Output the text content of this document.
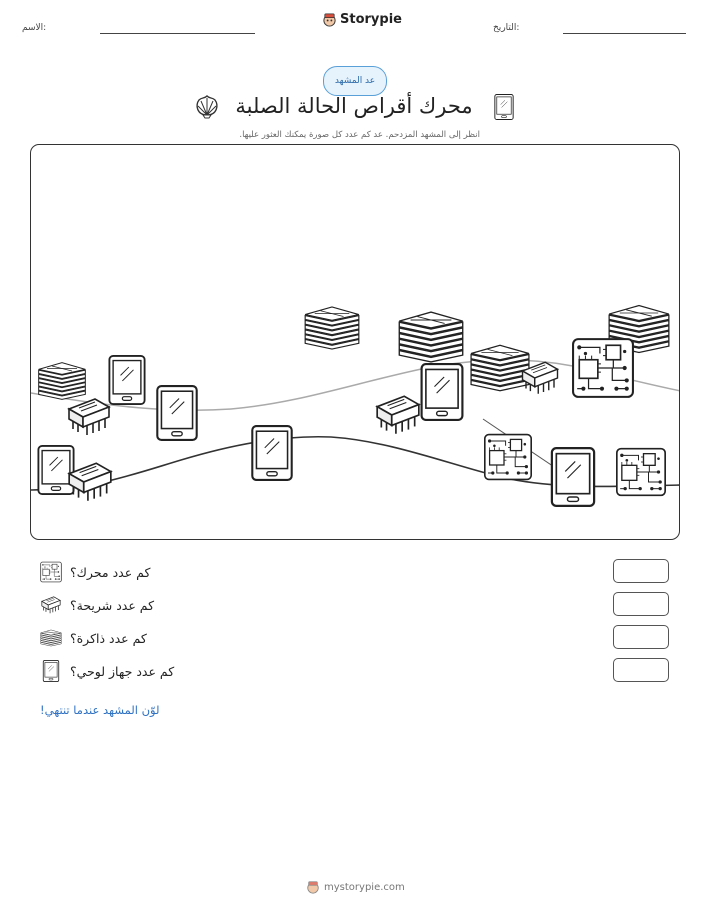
الاسم:	التاريخ:
Storypie
عد المشهد
محرك أقراص الحالة الصلبة
انظر إلى المشهد المزدحم. عد كم عدد كل صورة يمكنك العثور عليها.
كم عدد محرك؟
كم عدد شريحة؟
كم عدد ذاكرة؟
كم عدد جهاز لوحي؟
لوّن المشهد عندما تنتهي!
mystorypie.com
